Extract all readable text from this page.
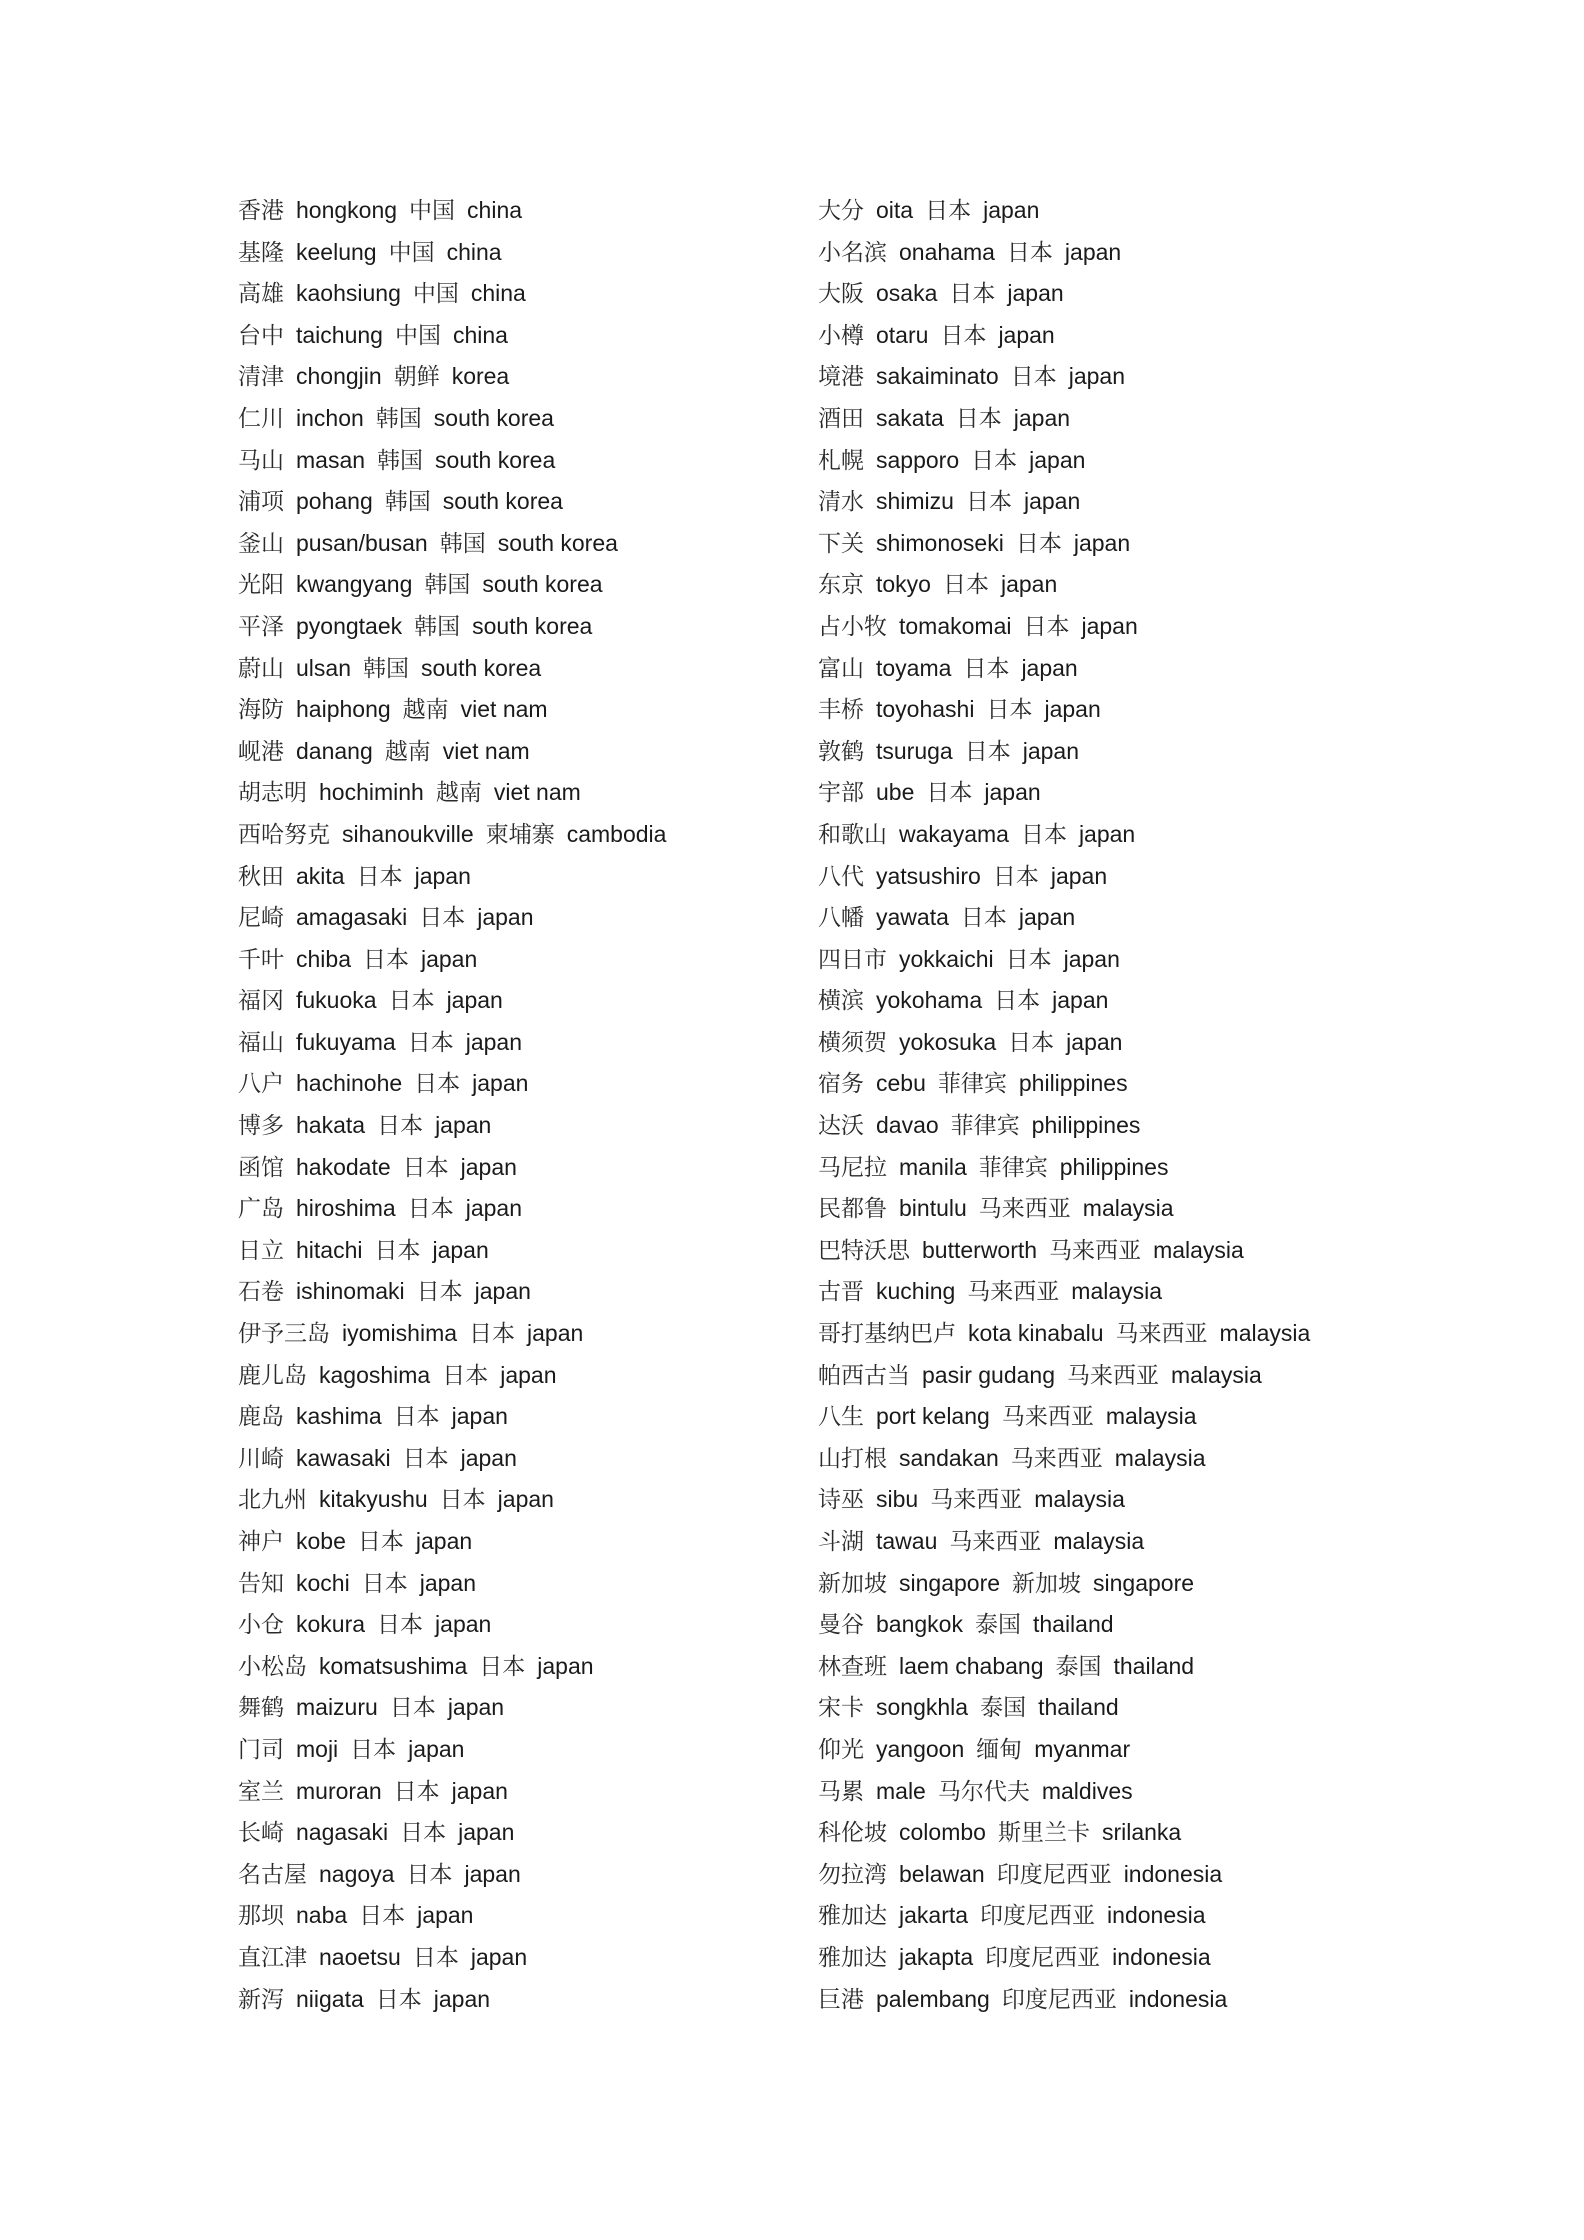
香港 hongkong 中国 china
基隆 keelung 中国 china
高雄 kaohsiung 中国 china
台中 taichung 中国 china
清津 chongjin 朝鲜 korea
仁川 inchon 韩国 south korea
马山 masan 韩国 south korea
浦项 pohang 韩国 south korea
釜山 pusan/busan 韩国 south korea
光阳 kwangyang 韩国 south korea
平泽 pyongtaek 韩国 south korea
蔚山 ulsan 韩国 south korea
海防 haiphong 越南 viet nam
岘港 danang 越南 viet nam
胡志明 hochiminh 越南 viet nam
西哈努克 sihanoukville 柬埔寨 cambodia
秋田 akita 日本 japan
尼崎 amagasaki 日本 japan
千叶 chiba 日本 japan
福冈 fukuoka 日本 japan
福山 fukuyama 日本 japan
八户 hachinohe 日本 japan
博多 hakata 日本 japan
函馆 hakodate 日本 japan
广岛 hiroshima 日本 japan
日立 hitachi 日本 japan
石卷 ishinomaki 日本 japan
伊予三岛 iyomishima 日本 japan
鹿儿岛 kagoshima 日本 japan
鹿岛 kashima 日本 japan
川崎 kawasaki 日本 japan
北九州 kitakyushu 日本 japan
神户 kobe 日本 japan
告知 kochi 日本 japan
小仓 kokura 日本 japan
小松岛 komatsushima 日本 japan
舞鹤 maizuru 日本 japan
门司 moji 日本 japan
室兰 muroran 日本 japan
长崎 nagasaki 日本 japan
名古屋 nagoya 日本 japan
那坝 naba 日本 japan
直江津 naoetsu 日本 japan
新泻 niigata 日本 japan
大分 oita 日本 japan
小名滨 onahama 日本 japan
大阪 osaka 日本 japan
小樽 otaru 日本 japan
境港 sakaiminato 日本 japan
酒田 sakata 日本 japan
札幌 sapporo 日本 japan
清水 shimizu 日本 japan
下关 shimonoseki 日本 japan
东京 tokyo 日本 japan
占小牧 tomakomai 日本 japan
富山 toyama 日本 japan
丰桥 toyohashi 日本 japan
敦鹤 tsuruga 日本 japan
宇部 ube 日本 japan
和歌山 wakayama 日本 japan
八代 yatsushiro 日本 japan
八幡 yawata 日本 japan
四日市 yokkaichi 日本 japan
横滨 yokohama 日本 japan
横须贺 yokosuka 日本 japan
宿务 cebu 菲律宾 philippines
达沃 davao 菲律宾 philippines
马尼拉 manila 菲律宾 philippines
民都鲁 bintulu 马来西亚 malaysia
巴特沃思 butterworth 马来西亚 malaysia
古晋 kuching 马来西亚 malaysia
哥打基纳巴卢 kota kinabalu 马来西亚 malaysia
帕西古当 pasir gudang 马来西亚 malaysia
八生 port kelang 马来西亚 malaysia
山打根 sandakan 马来西亚 malaysia
诗巫 sibu 马来西亚 malaysia
斗湖 tawau 马来西亚 malaysia
新加坡 singapore 新加坡 singapore
曼谷 bangkok 泰国 thailand
林查班 laem chabang 泰国 thailand
宋卡 songkhla 泰国 thailand
仰光 yangoon 缅甸 myanmar
马累 male 马尔代夫 maldives
科伦坡 colombo 斯里兰卡 srilanka
勿拉湾 belawan 印度尼西亚 indonesia
雅加达 jakarta 印度尼西亚 indonesia
雅加达 jakapta 印度尼西亚 indonesia
巨港 palembang 印度尼西亚 indonesia
